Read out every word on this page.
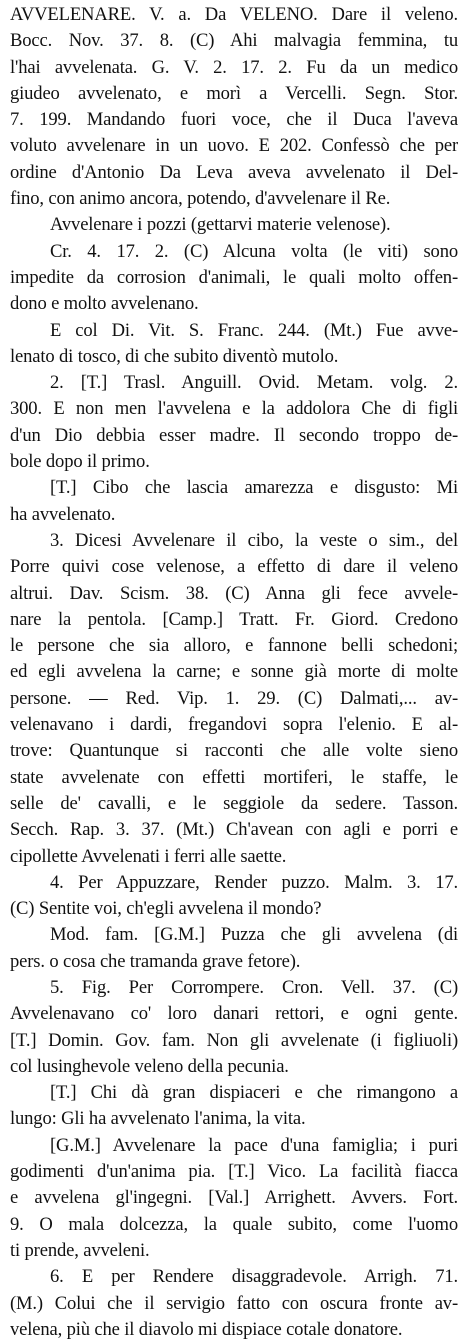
AVVELENARE. V. a. Da VELENO. Dare il veleno.
Bocc. Nov. 37. 8. (C) Ahi malvagia femmina, tu
l'hai avvelenata. G. V. 2. 17. 2. Fu da un medico
giudeo avvelenato, e morì a Vercelli. Segn. Stor.
7. 199. Mandando fuori voce, che il Duca l'aveva
voluto avvelenare in un uovo. E 202. Confessò che per
ordine d'Antonio Da Leva aveva avvelenato il Del-
fino, con animo ancora, potendo, d'avvelenare il Re.
Avvelenare i pozzi (gettarvi materie velenose).
Cr. 4. 17. 2. (C) Alcuna volta (le viti) sono
impedite da corrosion d'animali, le quali molto offen-
dono e molto avvelenano.
E col Di. Vit. S. Franc. 244. (Mt.) Fue avve-
lenato di tosco, di che subito diventò mutolo.
2. [T.] Trasl. Anguill. Ovid. Metam. volg. 2.
300. E non men l'avvelena e la addolora Che di figli
d'un Dio debbia esser madre. Il secondo troppo de-
bole dopo il primo.
[T.] Cibo che lascia amarezza e disgusto: Mi
ha avvelenato.
3. Dicesi Avvelenare il cibo, la veste o sim., del
Porre quivi cose velenose, a effetto di dare il veleno
altrui. Dav. Scism. 38. (C) Anna gli fece avvele-
nare la pentola. [Camp.] Tratt. Fr. Giord. Credono
le persone che sia alloro, e fannone belli schedoni;
ed egli avvelena la carne; e sonne già morte di molte
persone. — Red. Vip. 1. 29. (C) Dalmati,... av-
velenavano i dardi, fregandovi sopra l'elenio. E al-
trove: Quantunque si racconti che alle volte sieno
state avvelenate con effetti mortiferi, le staffe, le
selle de' cavalli, e le seggiole da sedere. Tasson.
Secch. Rap. 3. 37. (Mt.) Ch'avean con agli e porri e
cipollette Avvelenati i ferri alle saette.
4. Per Appuzzare, Render puzzo. Malm. 3. 17.
(C) Sentite voi, ch'egli avvelena il mondo?
Mod. fam. [G.M.] Puzza che gli avvelena (di
pers. o cosa che tramanda grave fetore).
5. Fig. Per Corrompere. Cron. Vell. 37. (C)
Avvelenavano co' loro danari rettori, e ogni gente.
[T.] Domin. Gov. fam. Non gli avvelenate (i figliuoli)
col lusinghevole veleno della pecunia.
[T.] Chi dà gran dispiaceri e che rimangono a
lungo: Gli ha avvelenato l'anima, la vita.
[G.M.] Avvelenare la pace d'una famiglia; i puri
godimenti d'un'anima pia. [T.] Vico. La facilità fiacca
e avvelena gl'ingegni. [Val.] Arrighett. Avvers. Fort.
9. O mala dolcezza, la quale subito, come l'uomo
ti prende, avveleni.
6. E per Rendere disaggradevole. Arrigh. 71.
(M.) Colui che il servigio fatto con oscura fronte av-
velena, più che il diavolo mi dispiace cotale donatore.
